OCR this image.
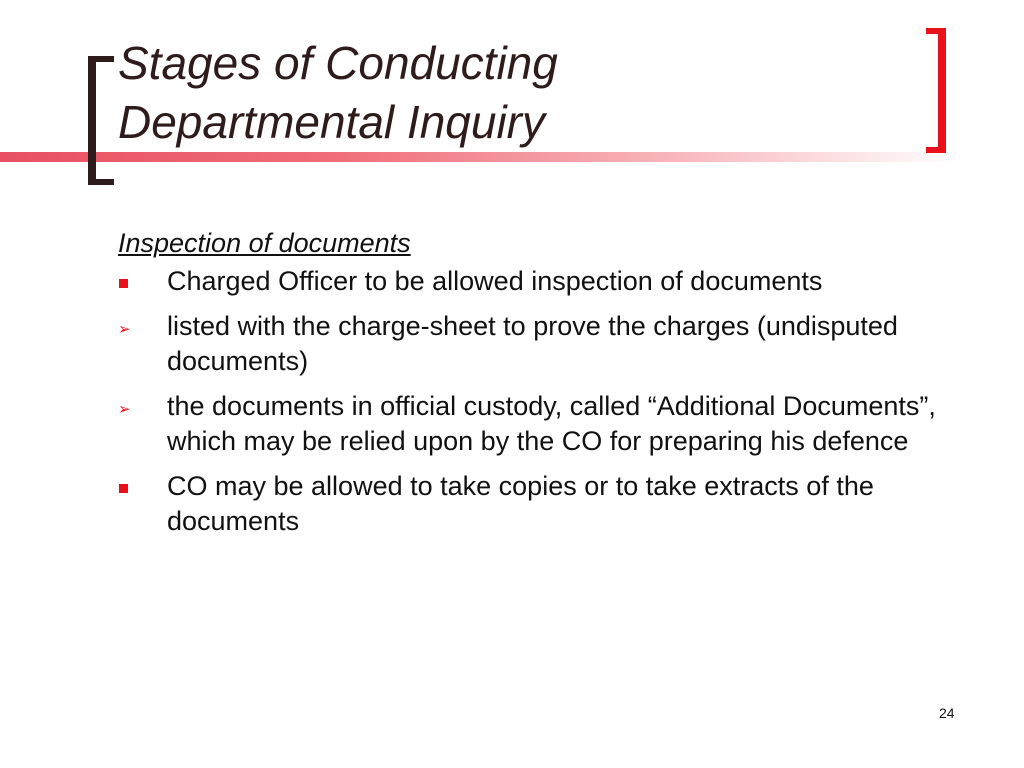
Stages of Conducting
Departmental Inquiry
Inspection of documents
Charged Officer to be allowed inspection of documents
➢ listed with the charge-sheet to prove the charges (undisputed documents)
➢ the documents in official custody, called “Additional Documents”, which may be relied upon by the CO for preparing his defence
CO may be allowed to take copies or to take extracts of the documents
24
